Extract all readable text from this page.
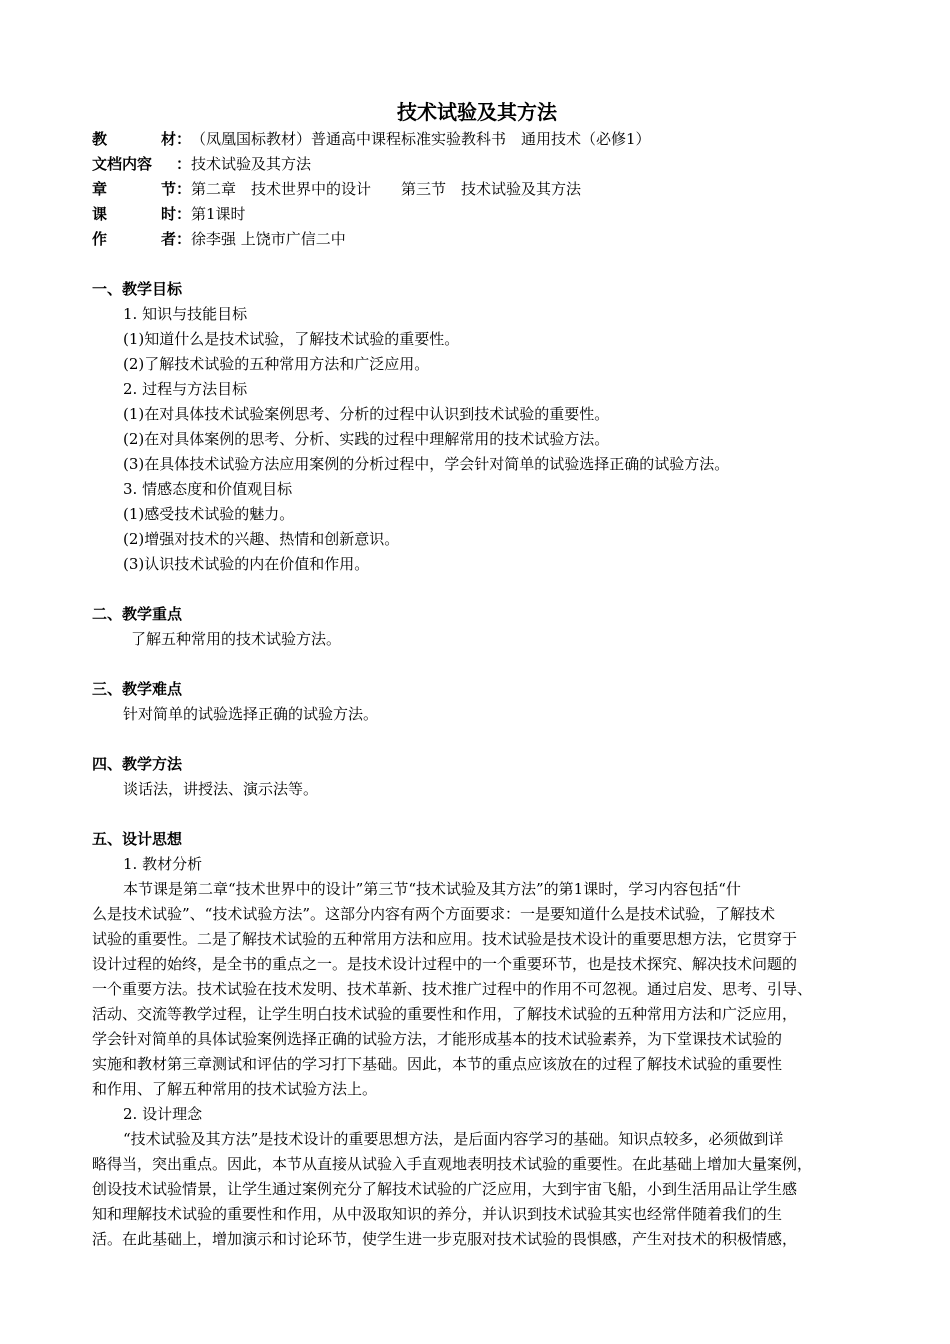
技术试验及其方法
教	材 ： （凤凰国标教材）普通高中课程标准实验教科书　通用技术（必修1）
文档内容 ： 技术试验及其方法
章	节 ： 第二章　技术世界中的设计　　第三节　技术试验及其方法
课	时 ： 第1课时
作	者 ： 徐李强 上饶市广信二中
一、教学目标
1. 知识与技能目标
(1)知道什么是技术试验，了解技术试验的重要性。
(2)了解技术试验的五种常用方法和广泛应用。
2. 过程与方法目标
(1)在对具体技术试验案例思考、分析的过程中认识到技术试验的重要性。
(2)在对具体案例的思考、分析、实践的过程中理解常用的技术试验方法。
(3)在具体技术试验方法应用案例的分析过程中，学会针对简单的试验选择正确的试验方法。
3. 情感态度和价值观目标
(1)感受技术试验的魅力。
(2)增强对技术的兴趣、热情和创新意识。
(3)认识技术试验的内在价值和作用。
二、教学重点
了解五种常用的技术试验方法。
三、教学难点
针对简单的试验选择正确的试验方法。
四、教学方法
谈话法，讲授法、演示法等。
五、设计思想
1. 教材分析
本节课是第二章“技术世界中的设计”第三节“技术试验及其方法”的第1课时，学习内容包括“什
么是技术试验”、“技术试验方法”。这部分内容有两个方面要求：一是要知道什么是技术试验，了解技术
试验的重要性。二是了解技术试验的五种常用方法和应用。技术试验是技术设计的重要思想方法，它贯穿于
设计过程的始终，是全书的重点之一。是技术设计过程中的一个重要环节，也是技术探究、解决技术问题的
一个重要方法。技术试验在技术发明、技术革新、技术推广过程中的作用不可忽视。通过启发、思考、引导、
活动、交流等教学过程，让学生明白技术试验的重要性和作用，了解技术试验的五种常用方法和广泛应用，
学会针对简单的具体试验案例选择正确的试验方法，才能形成基本的技术试验素养，为下堂课技术试验的
实施和教材第三章测试和评估的学习打下基础。因此，本节的重点应该放在的过程了解技术试验的重要性
和作用、了解五种常用的技术试验方法上。
2. 设计理念
“技术试验及其方法”是技术设计的重要思想方法，是后面内容学习的基础。知识点较多，必须做到详
略得当，突出重点。因此，本节从直接从试验入手直观地表明技术试验的重要性。在此基础上增加大量案例，
创设技术试验情景，让学生通过案例充分了解技术试验的广泛应用，大到宇宙飞船，小到生活用品让学生感
知和理解技术试验的重要性和作用，从中汲取知识的养分，并认识到技术试验其实也经常伴随着我们的生
活。在此基础上，增加演示和讨论环节，使学生进一步克服对技术试验的畏惧感，产生对技术的积极情感，
